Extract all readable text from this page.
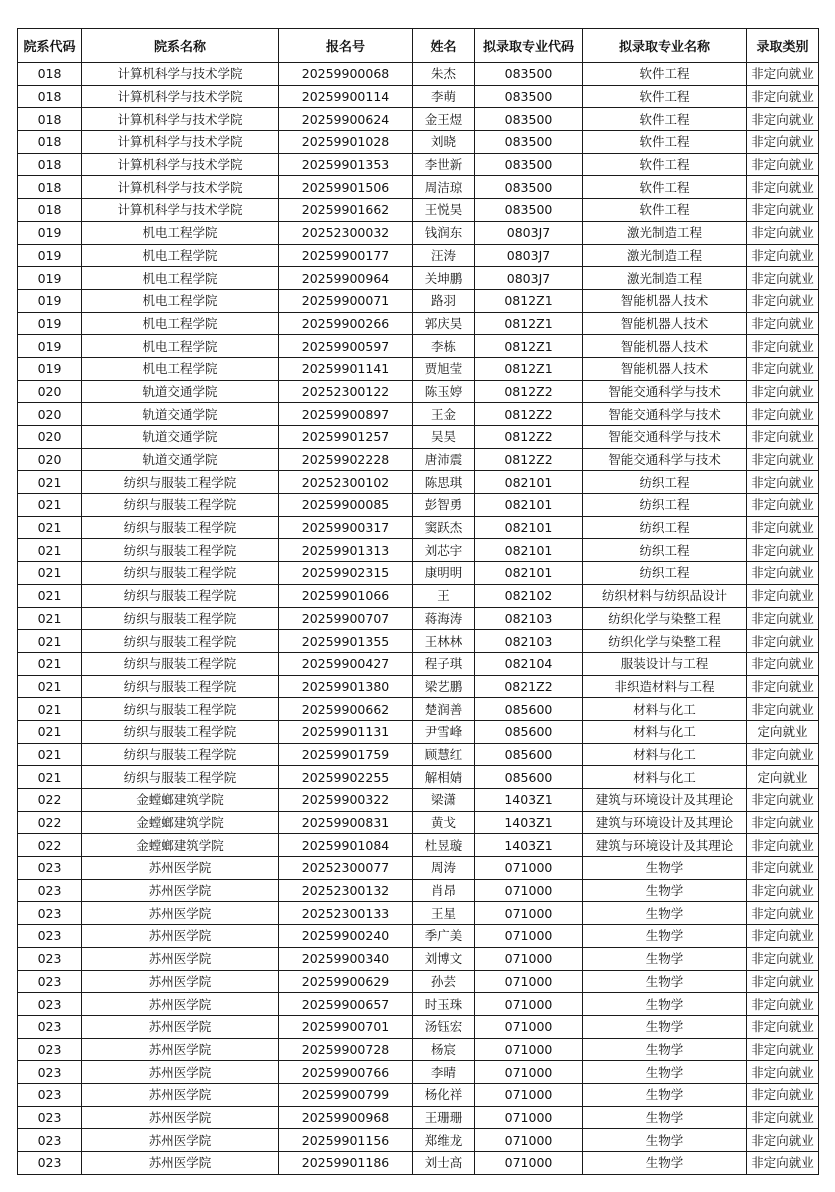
院系代码	院系名称	报名号	姓名	拟录取专业代码	拟录取专业名称	录取类别
018	计算机科学与技术学院	20259900068	朱杰	083500	软件工程	非定向就业
018	计算机科学与技术学院	20259900114	李萌	083500	软件工程	非定向就业
018	计算机科学与技术学院	20259900624	金王煜	083500	软件工程	非定向就业
018	计算机科学与技术学院	20259901028	刘晓	083500	软件工程	非定向就业
018	计算机科学与技术学院	20259901353	李世新	083500	软件工程	非定向就业
018	计算机科学与技术学院	20259901506	周洁琼	083500	软件工程	非定向就业
018	计算机科学与技术学院	20259901662	王悦昊	083500	软件工程	非定向就业
019	机电工程学院	20252300032	钱润东	0803J7	激光制造工程	非定向就业
019	机电工程学院	20259900177	汪涛	0803J7	激光制造工程	非定向就业
019	机电工程学院	20259900964	关坤鹏	0803J7	激光制造工程	非定向就业
019	机电工程学院	20259900071	路羽	0812Z1	智能机器人技术	非定向就业
019	机电工程学院	20259900266	郭庆昊	0812Z1	智能机器人技术	非定向就业
019	机电工程学院	20259900597	李栋	0812Z1	智能机器人技术	非定向就业
019	机电工程学院	20259901141	贾旭莹	0812Z1	智能机器人技术	非定向就业
020	轨道交通学院	20252300122	陈玉婷	0812Z2	智能交通科学与技术	非定向就业
020	轨道交通学院	20259900897	王金	0812Z2	智能交通科学与技术	非定向就业
020	轨道交通学院	20259901257	吴昊	0812Z2	智能交通科学与技术	非定向就业
020	轨道交通学院	20259902228	唐沛震	0812Z2	智能交通科学与技术	非定向就业
021	纺织与服装工程学院	20252300102	陈思琪	082101	纺织工程	非定向就业
021	纺织与服装工程学院	20259900085	彭智勇	082101	纺织工程	非定向就业
021	纺织与服装工程学院	20259900317	窦跃杰	082101	纺织工程	非定向就业
021	纺织与服装工程学院	20259901313	刘芯宇	082101	纺织工程	非定向就业
021	纺织与服装工程学院	20259902315	康明明	082101	纺织工程	非定向就业
021	纺织与服装工程学院	20259901066	王	082102	纺织材料与纺织品设计	非定向就业
021	纺织与服装工程学院	20259900707	蒋海涛	082103	纺织化学与染整工程	非定向就业
021	纺织与服装工程学院	20259901355	王林林	082103	纺织化学与染整工程	非定向就业
021	纺织与服装工程学院	20259900427	程子琪	082104	服装设计与工程	非定向就业
021	纺织与服装工程学院	20259901380	梁艺鹏	0821Z2	非织造材料与工程	非定向就业
021	纺织与服装工程学院	20259900662	楚润善	085600	材料与化工	非定向就业
021	纺织与服装工程学院	20259901131	尹雪峰	085600	材料与化工	定向就业
021	纺织与服装工程学院	20259901759	顾慧红	085600	材料与化工	非定向就业
021	纺织与服装工程学院	20259902255	解相婧	085600	材料与化工	定向就业
022	金螳螂建筑学院	20259900322	梁潇	1403Z1	建筑与环境设计及其理论	非定向就业
022	金螳螂建筑学院	20259900831	黄戈	1403Z1	建筑与环境设计及其理论	非定向就业
022	金螳螂建筑学院	20259901084	杜昱璇	1403Z1	建筑与环境设计及其理论	非定向就业
023	苏州医学院	20252300077	周涛	071000	生物学	非定向就业
023	苏州医学院	20252300132	肖昂	071000	生物学	非定向就业
023	苏州医学院	20252300133	王星	071000	生物学	非定向就业
023	苏州医学院	20259900240	季广美	071000	生物学	非定向就业
023	苏州医学院	20259900340	刘博文	071000	生物学	非定向就业
023	苏州医学院	20259900629	孙芸	071000	生物学	非定向就业
023	苏州医学院	20259900657	时玉珠	071000	生物学	非定向就业
023	苏州医学院	20259900701	汤钰宏	071000	生物学	非定向就业
023	苏州医学院	20259900728	杨宸	071000	生物学	非定向就业
023	苏州医学院	20259900766	李晴	071000	生物学	非定向就业
023	苏州医学院	20259900799	杨化祥	071000	生物学	非定向就业
023	苏州医学院	20259900968	王珊珊	071000	生物学	非定向就业
023	苏州医学院	20259901156	郑维龙	071000	生物学	非定向就业
023	苏州医学院	20259901186	刘士高	071000	生物学	非定向就业
